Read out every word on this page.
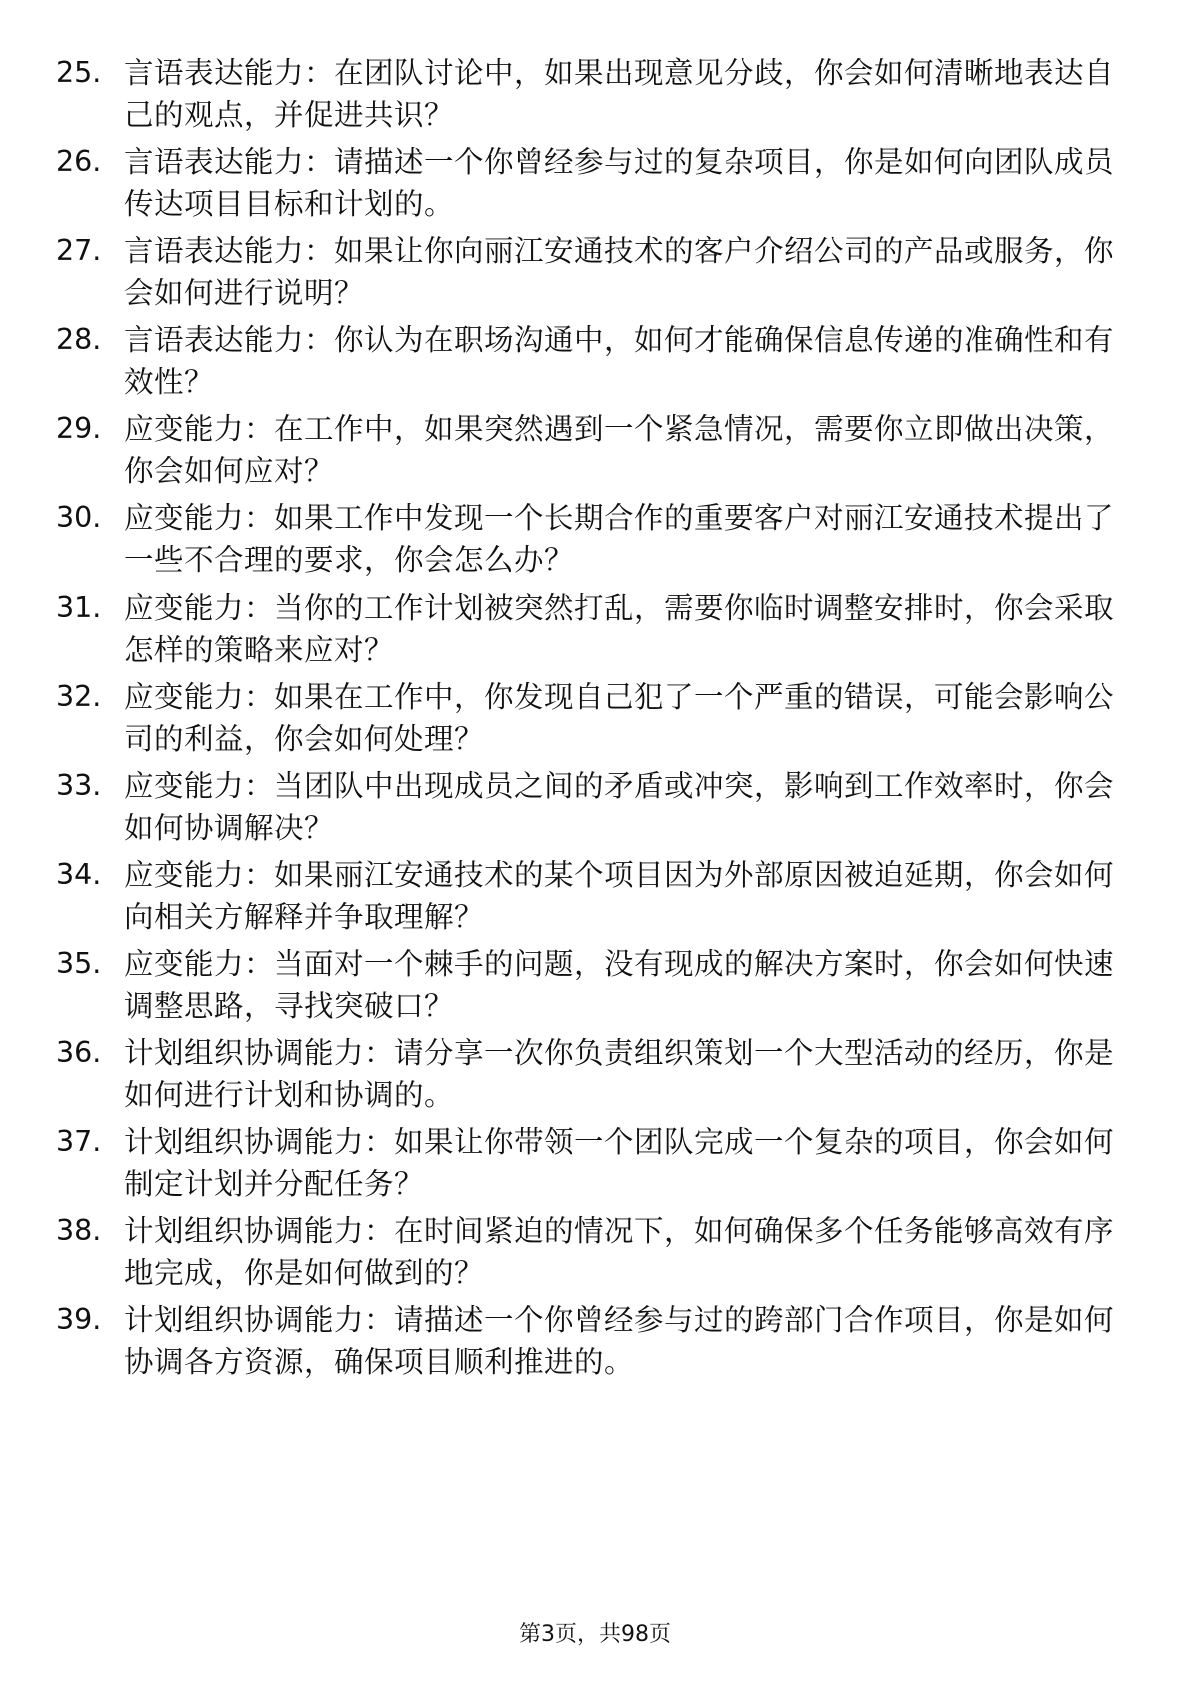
25. 言语表达能力：在团队讨论中，如果出现意见分歧，你会如何清晰地表达自己的观点，并促进共识？
26. 言语表达能力：请描述一个你曾经参与过的复杂项目，你是如何向团队成员传达项目目标和计划的。
27. 言语表达能力：如果让你向丽江安通技术的客户介绍公司的产品或服务，你会如何进行说明？
28. 言语表达能力：你认为在职场沟通中，如何才能确保信息传递的准确性和有效性？
29. 应变能力：在工作中，如果突然遇到一个紧急情况，需要你立即做出决策，你会如何应对？
30. 应变能力：如果工作中发现一个长期合作的重要客户对丽江安通技术提出了一些不合理的要求，你会怎么办？
31. 应变能力：当你的工作计划被突然打乱，需要你临时调整安排时，你会采取怎样的策略来应对？
32. 应变能力：如果在工作中，你发现自己犯了一个严重的错误，可能会影响公司的利益，你会如何处理？
33. 应变能力：当团队中出现成员之间的矛盾或冲突，影响到工作效率时，你会如何协调解决？
34. 应变能力：如果丽江安通技术的某个项目因为外部原因被迫延期，你会如何向相关方解释并争取理解？
35. 应变能力：当面对一个棘手的问题，没有现成的解决方案时，你会如何快速调整思路，寻找突破口？
36. 计划组织协调能力：请分享一次你负责组织策划一个大型活动的经历，你是如何进行计划和协调的。
37. 计划组织协调能力：如果让你带领一个团队完成一个复杂的项目，你会如何制定计划并分配任务？
38. 计划组织协调能力：在时间紧迫的情况下，如何确保多个任务能够高效有序地完成，你是如何做到的？
39. 计划组织协调能力：请描述一个你曾经参与过的跨部门合作项目，你是如何协调各方资源，确保项目顺利推进的。
第3页，共98页
